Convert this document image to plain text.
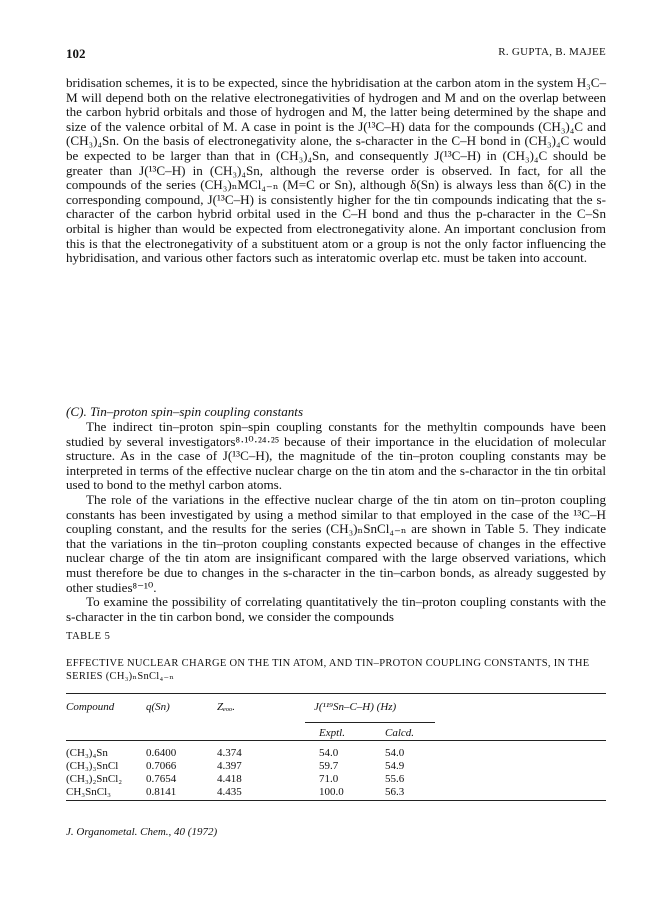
102	R. GUPTA, B. MAJEE

bridisation schemes, it is to be expected, since the hybridisation at the carbon atom in the system H₃C–M will depend both on the relative electronegativities of hydrogen and M and on the overlap between the carbon hybrid orbitals and those of hydrogen and M, the latter being determined by the shape and size of the valence orbital of M. A case in point is the J(¹³C–H) data for the compounds (CH₃)₄C and (CH₃)₄Sn. On the basis of electronegativity alone, the s-character in the C–H bond in (CH₃)₄C would be expected to be larger than that in (CH₃)₄Sn, and consequently J(¹³C–H) in (CH₃)₄C should be greater than J(¹³C–H) in (CH₃)₄Sn, although the reverse order is observed. In fact, for all the compounds of the series (CH₃)ₙMCl₄₋ₙ (M=C or Sn), although δ(Sn) is always less than δ(C) in the corresponding compound, J(¹³C–H) is consistently higher for the tin compounds indicating that the s-character of the carbon hybrid orbital used in the C–H bond and thus the p-character in the C–Sn orbital is higher than would be expected from electronegativity alone. An important conclusion from this is that the electronegativity of a substituent atom or a group is not the only factor influencing the hybridisation, and various other factors such as interatomic overlap etc. must be taken into account.

(C). Tin–proton spin–spin coupling constants

The indirect tin–proton spin–spin coupling constants for the methyltin compounds have been studied by several investigators⁸·¹⁰·²⁴·²⁵ because of their importance in the elucidation of molecular structure. As in the case of J(¹³C–H), the magnitude of the tin–proton coupling constants may be interpreted in terms of the effective nuclear charge on the tin atom and the s-charactor in the tin orbital used to bond to the methyl carbon atoms.

The role of the variations in the effective nuclear charge of the tin atom on tin–proton coupling constants has been investigated by using a method similar to that employed in the case of the ¹³C–H coupling constant, and the results for the series (CH₃)ₙSnCl₄₋ₙ are shown in Table 5. They indicate that the variations in the tin–proton coupling constants expected because of changes in the effective nuclear charge of the tin atom are insignificant compared with the large observed variations, which must therefore be due to changes in the s-character in the tin–carbon bonds, as already suggested by other studies⁸⁻¹⁰.

To examine the possibility of correlating quantitatively the tin–proton coupling constants with the s-character in the tin carbon bond, we consider the compounds

TABLE 5
EFFECTIVE NUCLEAR CHARGE ON THE TIN ATOM, AND TIN–PROTON COUPLING CONSTANTS, IN THE SERIES (CH₃)ₙSnCl₄₋ₙ
Compound	q(Sn)	Zₑₒₒ.	J(¹¹⁹Sn–C–H) (Hz)
Exptl.	Calcd.
(CH₃)₄Sn	0.6400	4.374	54.0	54.0
(CH₃)₃SnCl	0.7066	4.397	59.7	54.9
(CH₃)₂SnCl₂ 0.7654	4.418	71.0	55.6
CH₃SnCl₃	0.8141	4.435	100.0	56.3
J. Organometal. Chem., 40 (1972)
